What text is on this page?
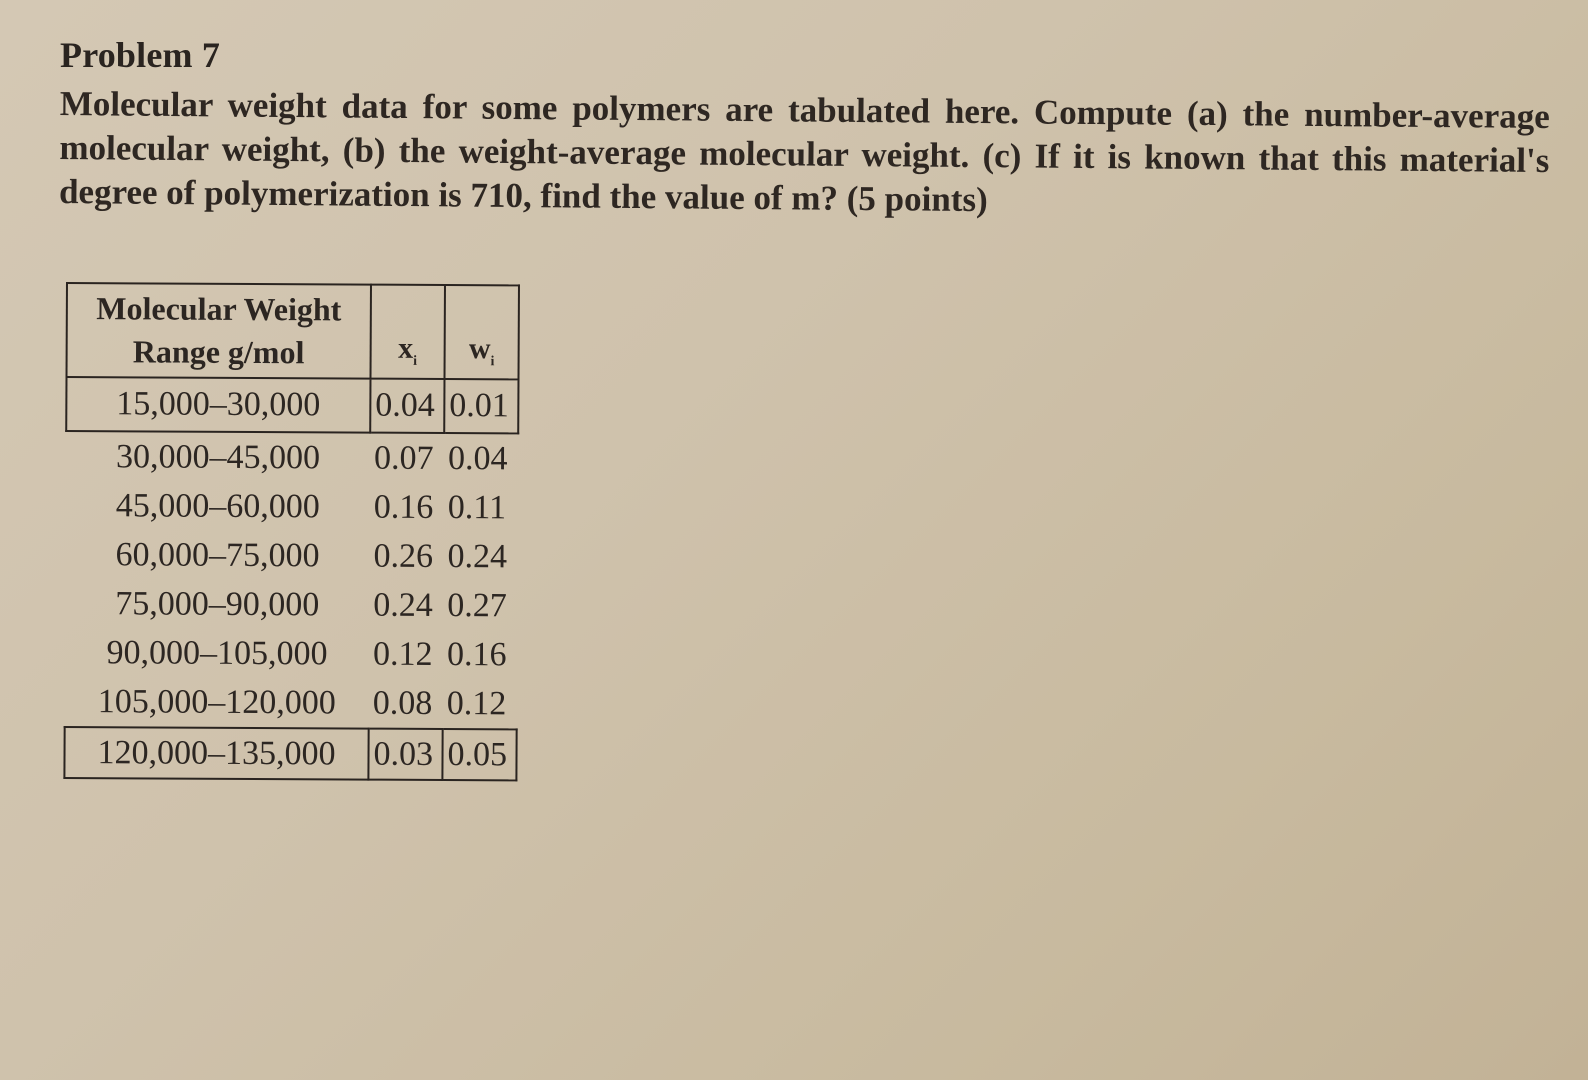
Problem 7
Molecular weight data for some polymers are tabulated here. Compute (a) the number-average molecular weight, (b) the weight-average molecular weight. (c) If it is known that this material's degree of polymerization is 710, find the value of m? (5 points)
Molecular Weight
Range g/mol	$x_i$	$w_i$
15,000–30,000	0.04	0.01
30,000–45,000	0.07	0.04
45,000–60,000	0.16	0.11
60,000–75,000	0.26	0.24
75,000–90,000	0.24	0.27
90,000–105,000	0.12	0.16
105,000–120,000	0.08	0.12
120,000–135,000	0.03	0.05
